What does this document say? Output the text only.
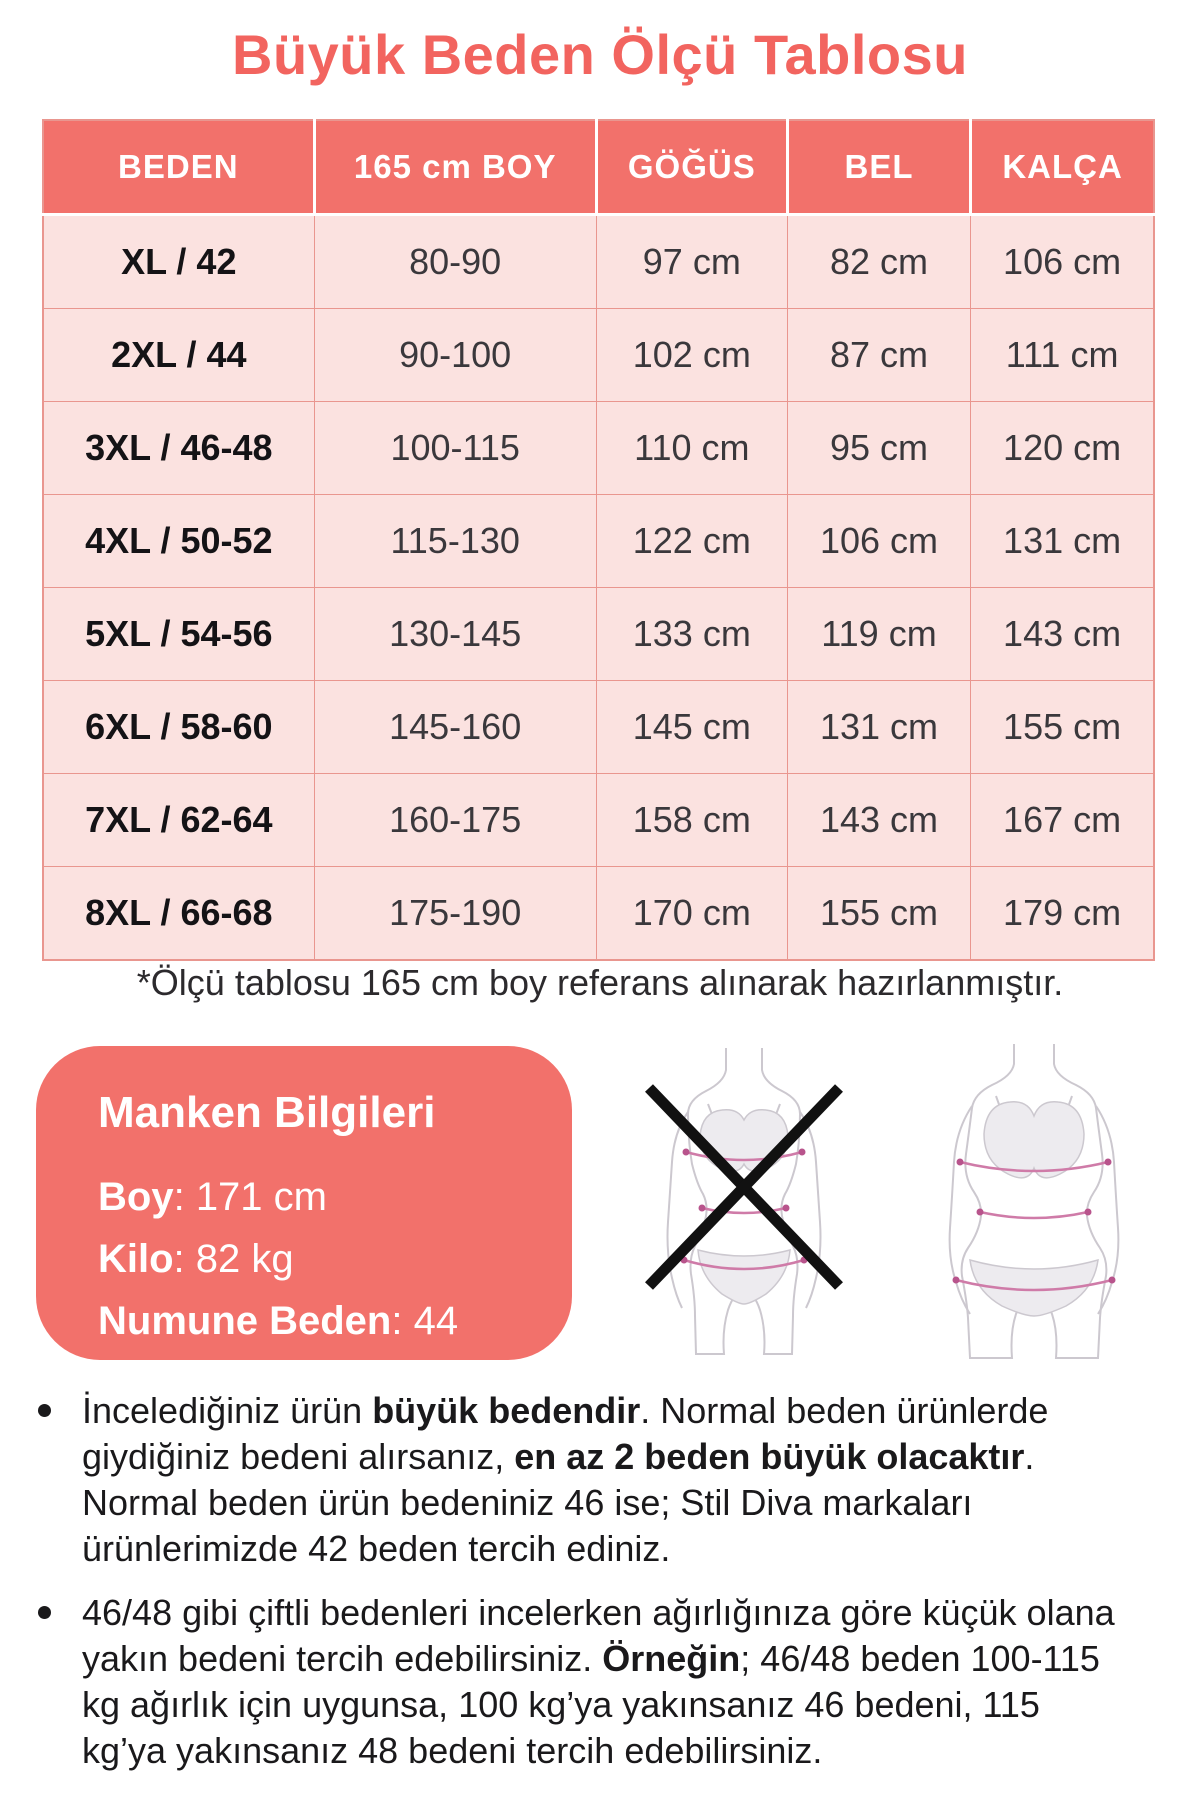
Büyük Beden Ölçü Tablosu
BEDEN	165 cm BOY	GÖĞÜS	BEL	KALÇA
XL / 42	80-90	97 cm	82 cm	106 cm
2XL / 44	90-100	102 cm	87 cm	111 cm
3XL / 46-48	100-115	110 cm	95 cm	120 cm
4XL / 50-52	115-130	122 cm	106 cm	131 cm
5XL / 54-56	130-145	133 cm	119 cm	143 cm
6XL / 58-60	145-160	145 cm	131 cm	155 cm
7XL / 62-64	160-175	158 cm	143 cm	167 cm
8XL / 66-68	175-190	170 cm	155 cm	179 cm
*Ölçü tablosu 165 cm boy referans alınarak hazırlanmıştır.
Manken Bilgileri
Boy: 171 cm
Kilo: 82 kg
Numune Beden: 44
İncelediğiniz ürün büyük bedendir. Normal beden ürünlerde giydiğiniz bedeni alırsanız, en az 2 beden büyük olacaktır. Normal beden ürün bedeniniz 46 ise; Stil Diva markaları ürünlerimizde 42 beden tercih ediniz.
46/48 gibi çiftli bedenleri incelerken ağırlığınıza göre küçük olana yakın bedeni tercih edebilirsiniz. Örneğin; 46/48 beden 100-115 kg ağırlık için uygunsa, 100 kg’ya yakınsanız 46 bedeni, 115 kg’ya yakınsanız 48 bedeni tercih edebilirsiniz.
